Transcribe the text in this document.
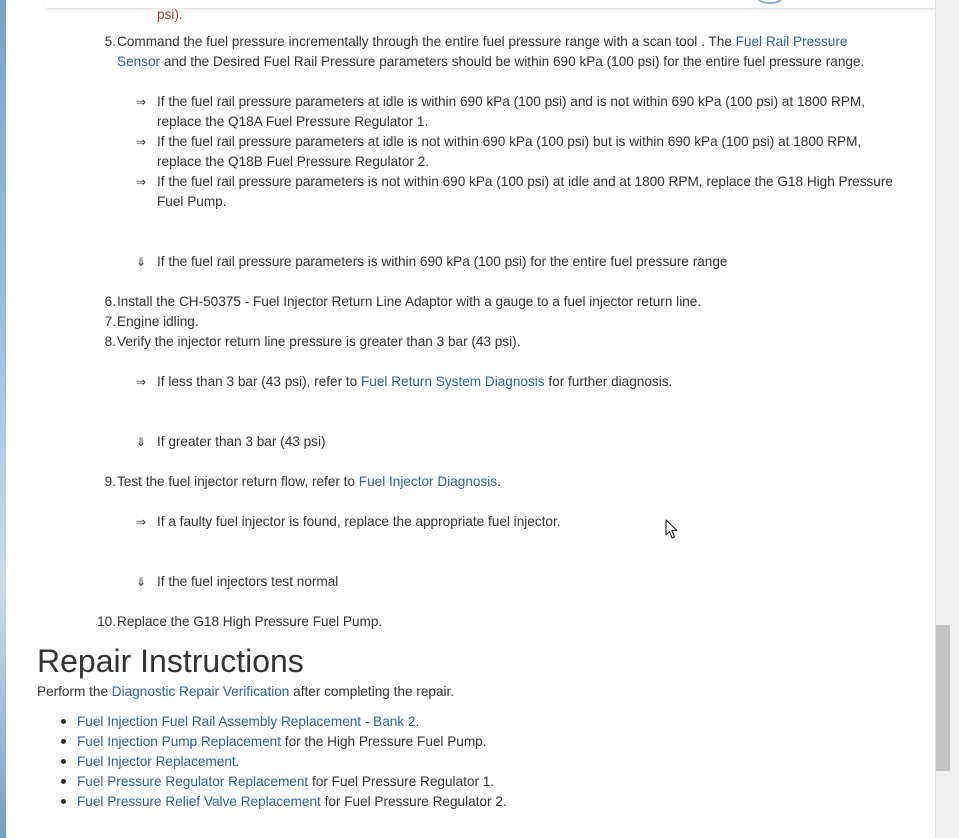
psi).
5. Command the fuel pressure incrementally through the entire fuel pressure range with a scan tool . The Fuel Rail Pressure
Sensor and the Desired Fuel Rail Pressure parameters should be within 690 kPa (100 psi) for the entire fuel pressure range.
⇒ If the fuel rail pressure parameters at idle is within 690 kPa (100 psi) and is not within 690 kPa (100 psi) at 1800 RPM,
replace the Q18A Fuel Pressure Regulator 1.
⇒ If the fuel rail pressure parameters at idle is not within 690 kPa (100 psi) but is within 690 kPa (100 psi) at 1800 RPM,
replace the Q18B Fuel Pressure Regulator 2.
⇒ If the fuel rail pressure parameters is not within 690 kPa (100 psi) at idle and at 1800 RPM, replace the G18 High Pressure
Fuel Pump.
⇓ If the fuel rail pressure parameters is within 690 kPa (100 psi) for the entire fuel pressure range
6. Install the CH-50375 - Fuel Injector Return Line Adaptor with a gauge to a fuel injector return line.
7. Engine idling.
8. Verify the injector return line pressure is greater than 3 bar (43 psi).
⇒ If less than 3 bar (43 psi), refer to Fuel Return System Diagnosis for further diagnosis.
⇓ If greater than 3 bar (43 psi)
9. Test the fuel injector return flow, refer to Fuel Injector Diagnosis.
⇒ If a faulty fuel injector is found, replace the appropriate fuel injector.
⇓ If the fuel injectors test normal
10. Replace the G18 High Pressure Fuel Pump.
Repair Instructions
Perform the Diagnostic Repair Verification after completing the repair.
Fuel Injection Fuel Rail Assembly Replacement - Bank 2.
Fuel Injection Pump Replacement for the High Pressure Fuel Pump.
Fuel Injector Replacement.
Fuel Pressure Regulator Replacement for Fuel Pressure Regulator 1.
Fuel Pressure Relief Valve Replacement for Fuel Pressure Regulator 2.
